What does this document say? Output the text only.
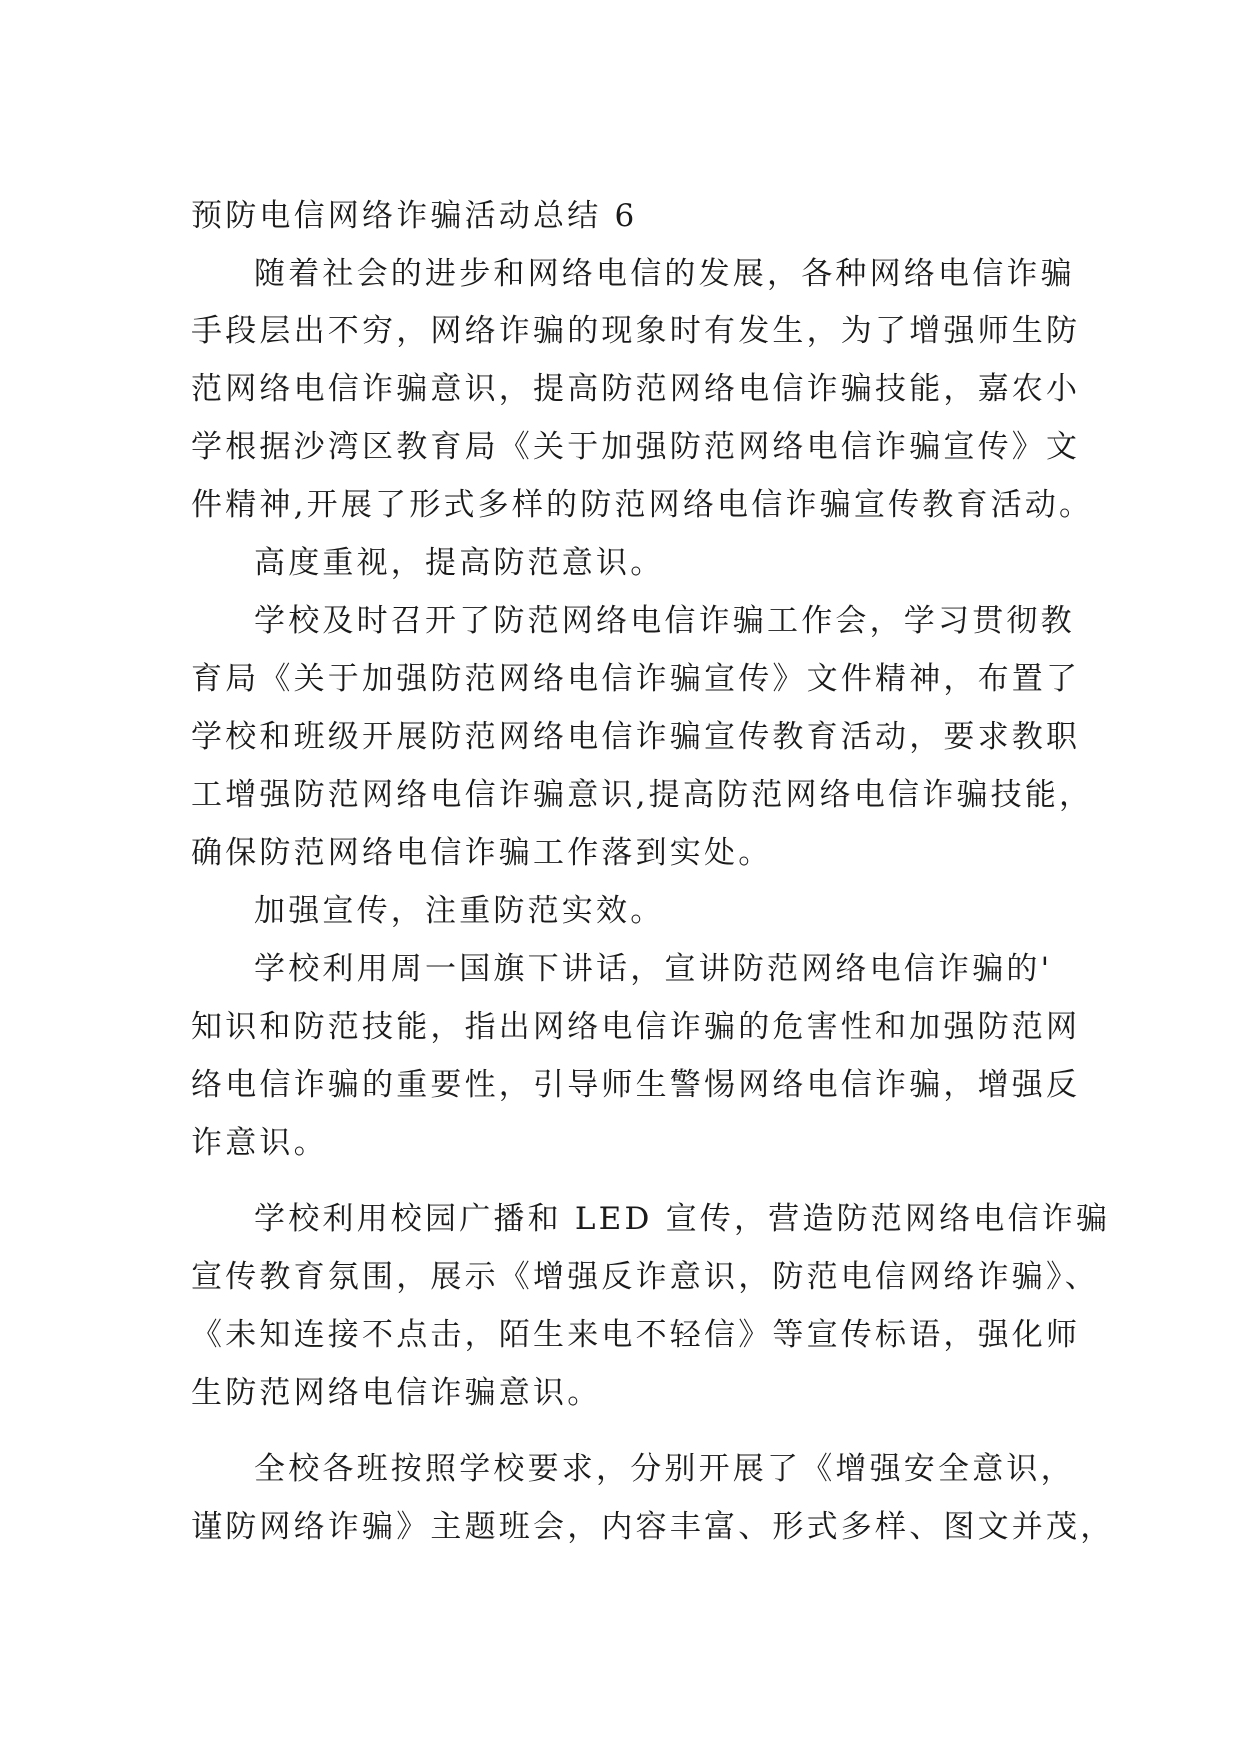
预防电信网络诈骗活动总结 6
随着社会的进步和网络电信的发展，各种网络电信诈骗
手段层出不穷，网络诈骗的现象时有发生，为了增强师生防
范网络电信诈骗意识，提高防范网络电信诈骗技能，嘉农小
学根据沙湾区教育局《关于加强防范网络电信诈骗宣传》文
件精神,开展了形式多样的防范网络电信诈骗宣传教育活动。
高度重视，提高防范意识。
学校及时召开了防范网络电信诈骗工作会，学习贯彻教
育局《关于加强防范网络电信诈骗宣传》文件精神，布置了
学校和班级开展防范网络电信诈骗宣传教育活动，要求教职
工增强防范网络电信诈骗意识,提高防范网络电信诈骗技能，
确保防范网络电信诈骗工作落到实处。
加强宣传，注重防范实效。
学校利用周一国旗下讲话，宣讲防范网络电信诈骗的'
知识和防范技能，指出网络电信诈骗的危害性和加强防范网
络电信诈骗的重要性，引导师生警惕网络电信诈骗，增强反
诈意识。
学校利用校园广播和 LED 宣传，营造防范网络电信诈骗
宣传教育氛围，展示《增强反诈意识，防范电信网络诈骗》、
《未知连接不点击，陌生来电不轻信》等宣传标语，强化师
生防范网络电信诈骗意识。
全校各班按照学校要求，分别开展了《增强安全意识，
谨防网络诈骗》主题班会，内容丰富、形式多样、图文并茂，
